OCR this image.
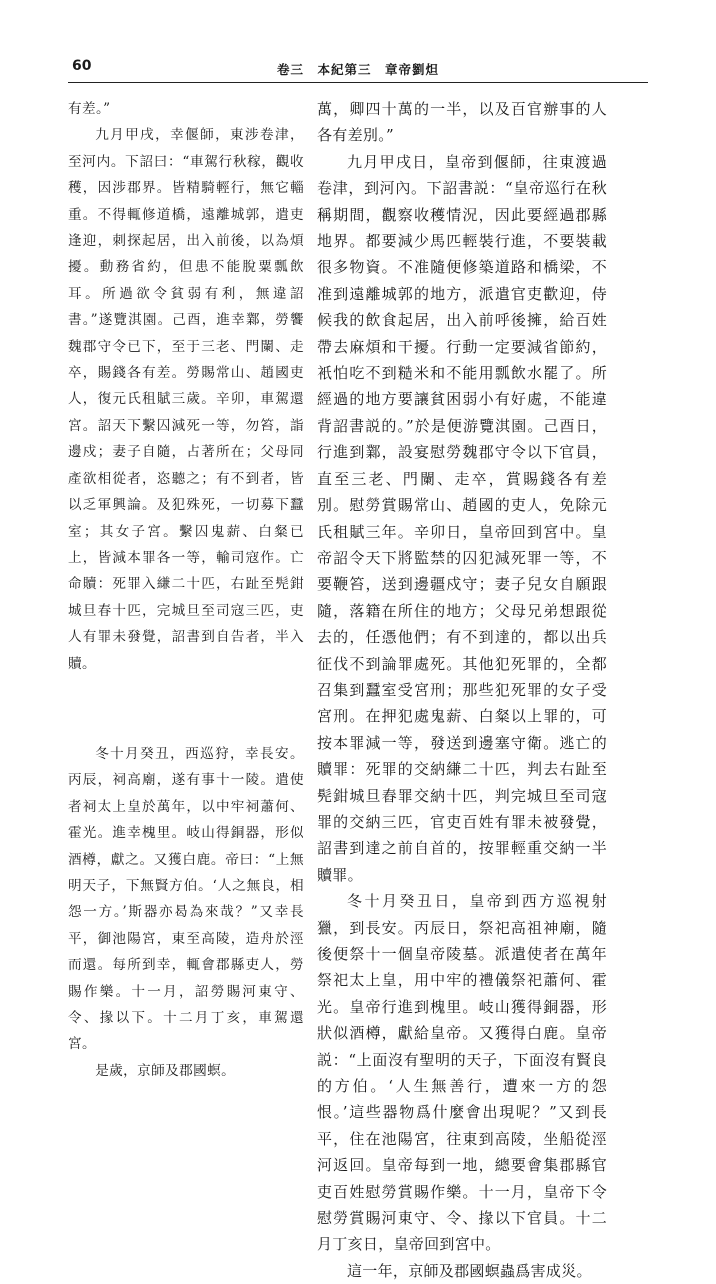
60	卷三　本紀第三　章帝劉炟

有差。”

九月甲戌，幸偃師，東涉卷津，至河内。下詔曰：“車駕行秋稼，觀收穫，因涉郡界。皆精騎輕行，無它輜重。不得輒修道橋，遠離城郭，遣吏逢迎，刺探起居，出入前後，以為煩擾。動務省約，但患不能脫粟瓢飲耳。所過欲令貧弱有利，無違詔書。”遂覽淇園。己酉，進幸鄴，勞饗魏郡守令已下，至于三老、門闌、走卒，賜錢各有差。勞賜常山、趙國吏人，復元氏租賦三歲。辛卯，車駕還宮。詔天下繫囚減死一等，勿笞，詣邊戍；妻子自隨，占著所在；父母同產欲相從者，恣聽之；有不到者，皆以乏軍興論。及犯殊死，一切募下蠶室；其女子宮。繫囚鬼薪、白粲已上，皆減本罪各一等，輸司寇作。亡命贖：死罪入縑二十匹，右趾至髡鉗城旦春十匹，完城旦至司寇三匹，吏人有罪未發覺，詔書到自告者，半入贖。

冬十月癸丑，西巡狩，幸長安。丙辰，祠高廟，遂有事十一陵。遣使者祠太上皇於萬年，以中牢祠蕭何、霍光。進幸槐里。岐山得銅器，形似酒樽，獻之。又獲白鹿。帝曰：“上無明天子，下無賢方伯。‘人之無良，相怨一方。’斯器亦曷為來哉？”又幸長平，御池陽宮，東至高陵，造舟於涇而還。每所到幸，輒會郡縣吏人，勞賜作樂。十一月，詔勞賜河東守、令、掾以下。十二月丁亥，車駕還宮。

是歲，京師及郡國螟。

萬，卿四十萬的一半，以及百官辦事的人各有差別。”

九月甲戌日，皇帝到偃師，往東渡過卷津，到河內。下詔書説：“皇帝巡行在秋稱期間，觀察收穫情況，因此要經過郡縣地界。都要減少馬匹輕裝行進，不要裝載很多物資。不准隨便修築道路和橋梁，不准到遠離城郭的地方，派遣官吏歡迎，侍候我的飲食起居，出入前呼後擁，給百姓帶去麻煩和干擾。行動一定要減省節約，衹怕吃不到糙米和不能用瓢飲水罷了。所經過的地方要讓貧困弱小有好處，不能違背詔書説的。”於是便游覽淇園。己酉日，行進到鄴，設宴慰勞魏郡守令以下官員，直至三老、門闌、走卒，賞賜錢各有差別。慰勞賞賜常山、趙國的吏人，免除元氏租賦三年。辛卯日，皇帝回到宮中。皇帝詔令天下將監禁的囚犯減死罪一等，不要鞭笞，送到邊疆戍守；妻子兒女自願跟隨，落籍在所住的地方；父母兄弟想跟從去的，任憑他們；有不到達的，都以出兵征伐不到論罪處死。其他犯死罪的，全都召集到蠶室受宮刑；那些犯死罪的女子受宮刑。在押犯處鬼薪、白粲以上罪的，可按本罪減一等，發送到邊塞守衛。逃亡的贖罪：死罪的交納縑二十匹，判去右趾至髡鉗城旦舂罪交納十匹，判完城旦至司寇罪的交納三匹，官吏百姓有罪未被發覺，詔書到達之前自首的，按罪輕重交納一半贖罪。

冬十月癸丑日，皇帝到西方巡視射獵，到長安。丙辰日，祭祀高祖神廟，隨後便祭十一個皇帝陵墓。派遣使者在萬年祭祀太上皇，用中牢的禮儀祭祀蕭何、霍光。皇帝行進到槐里。岐山獲得銅器，形狀似酒樽，獻給皇帝。又獲得白鹿。皇帝説：“上面沒有聖明的天子，下面沒有賢良的方伯。‘人生無善行，遭來一方的怨恨。’這些器物爲什麼會出現呢？”又到長平，住在池陽宮，往東到高陵，坐船從涇河返回。皇帝每到一地，總要會集郡縣官吏百姓慰勞賞賜作樂。十一月，皇帝下令慰勞賞賜河東守、令、掾以下官員。十二月丁亥日，皇帝回到宮中。

這一年，京師及郡國螟蟲爲害成災。
